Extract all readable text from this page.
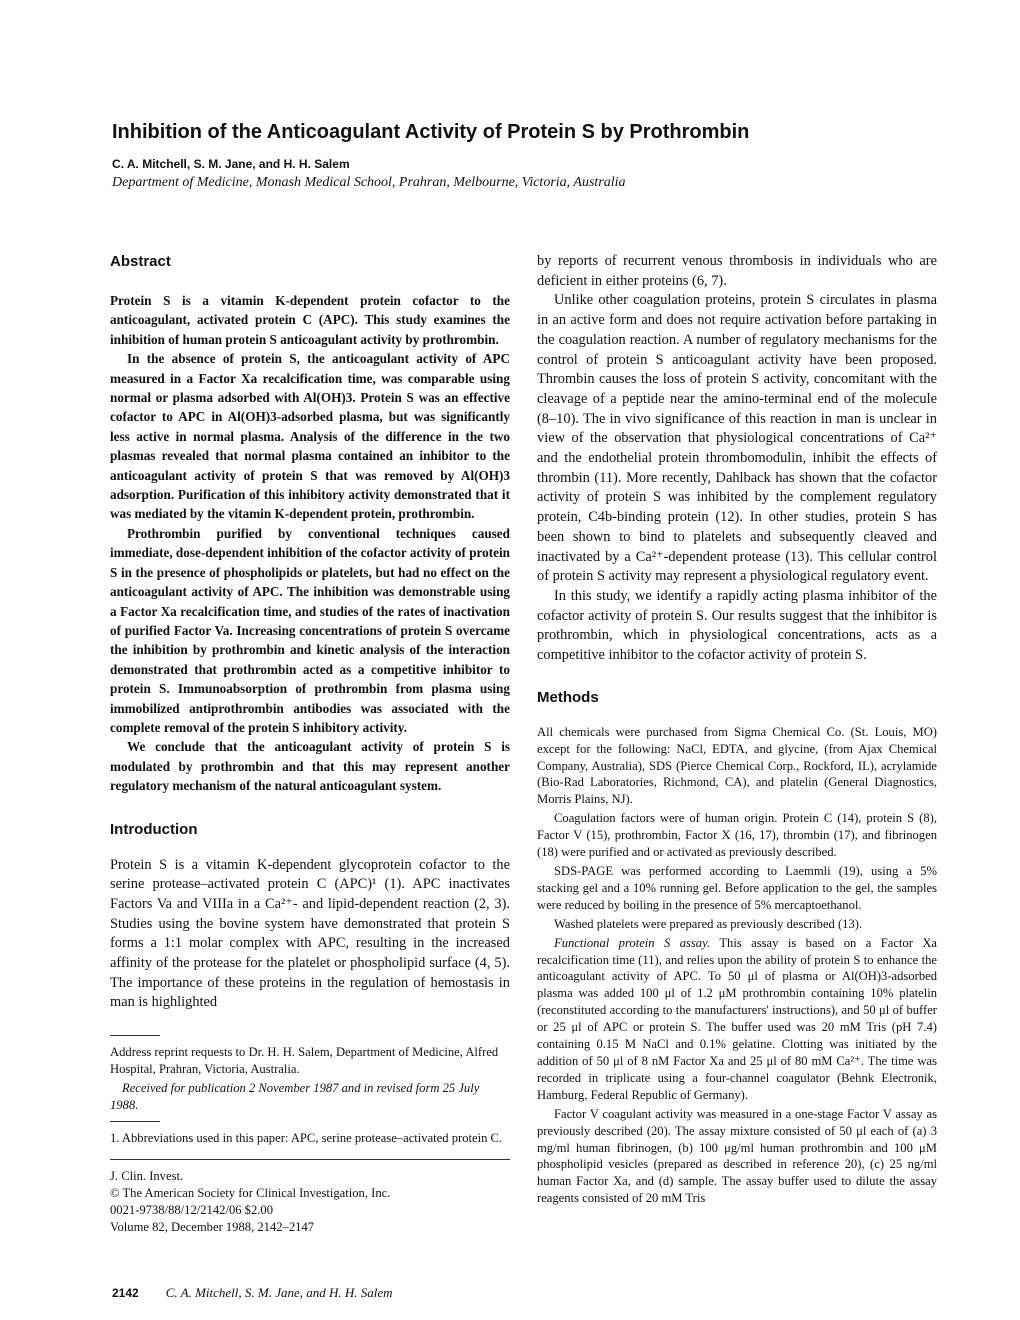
Inhibition of the Anticoagulant Activity of Protein S by Prothrombin
C. A. Mitchell, S. M. Jane, and H. H. Salem
Department of Medicine, Monash Medical School, Prahran, Melbourne, Victoria, Australia
Abstract

Protein S is a vitamin K-dependent protein cofactor to the anticoagulant, activated protein C (APC). This study examines the inhibition of human protein S anticoagulant activity by prothrombin.

In the absence of protein S, the anticoagulant activity of APC measured in a Factor Xa recalcification time, was comparable using normal or plasma adsorbed with Al(OH)3. Protein S was an effective cofactor to APC in Al(OH)3-adsorbed plasma, but was significantly less active in normal plasma. Analysis of the difference in the two plasmas revealed that normal plasma contained an inhibitor to the anticoagulant activity of protein S that was removed by Al(OH)3 adsorption. Purification of this inhibitory activity demonstrated that it was mediated by the vitamin K-dependent protein, prothrombin.

Prothrombin purified by conventional techniques caused immediate, dose-dependent inhibition of the cofactor activity of protein S in the presence of phospholipids or platelets, but had no effect on the anticoagulant activity of APC. The inhibition was demonstrable using a Factor Xa recalcification time, and studies of the rates of inactivation of purified Factor Va. Increasing concentrations of protein S overcame the inhibition by prothrombin and kinetic analysis of the interaction demonstrated that prothrombin acted as a competitive inhibitor to protein S. Immunoabsorption of prothrombin from plasma using immobilized antiprothrombin antibodies was associated with the complete removal of the protein S inhibitory activity.

We conclude that the anticoagulant activity of protein S is modulated by prothrombin and that this may represent another regulatory mechanism of the natural anticoagulant system.

Introduction

Protein S is a vitamin K-dependent glycoprotein cofactor to the serine protease–activated protein C (APC)¹ (1). APC inactivates Factors Va and VIIIa in a Ca²⁺- and lipid-dependent reaction (2, 3). Studies using the bovine system have demonstrated that protein S forms a 1:1 molar complex with APC, resulting in the increased affinity of the protease for the platelet or phospholipid surface (4, 5). The importance of these proteins in the regulation of hemostasis in man is highlighted

Address reprint requests to Dr. H. H. Salem, Department of Medicine, Alfred Hospital, Prahran, Victoria, Australia.

Received for publication 2 November 1987 and in revised form 25 July 1988.

1. Abbreviations used in this paper: APC, serine protease–activated protein C.

J. Clin. Invest.

© The American Society for Clinical Investigation, Inc.

0021-9738/88/12/2142/06 $2.00

Volume 82, December 1988, 2142–2147

by reports of recurrent venous thrombosis in individuals who are deficient in either proteins (6, 7).

Unlike other coagulation proteins, protein S circulates in plasma in an active form and does not require activation before partaking in the coagulation reaction. A number of regulatory mechanisms for the control of protein S anticoagulant activity have been proposed. Thrombin causes the loss of protein S activity, concomitant with the cleavage of a peptide near the amino-terminal end of the molecule (8–10). The in vivo significance of this reaction in man is unclear in view of the observation that physiological concentrations of Ca²⁺ and the endothelial protein thrombomodulin, inhibit the effects of thrombin (11). More recently, Dahlback has shown that the cofactor activity of protein S was inhibited by the complement regulatory protein, C4b-binding protein (12). In other studies, protein S has been shown to bind to platelets and subsequently cleaved and inactivated by a Ca²⁺-dependent protease (13). This cellular control of protein S activity may represent a physiological regulatory event.

In this study, we identify a rapidly acting plasma inhibitor of the cofactor activity of protein S. Our results suggest that the inhibitor is prothrombin, which in physiological concentrations, acts as a competitive inhibitor to the cofactor activity of protein S.

Methods

All chemicals were purchased from Sigma Chemical Co. (St. Louis, MO) except for the following: NaCl, EDTA, and glycine, (from Ajax Chemical Company, Australia), SDS (Pierce Chemical Corp., Rockford, IL), acrylamide (Bio-Rad Laboratories, Richmond, CA), and platelin (General Diagnostics, Morris Plains, NJ).

Coagulation factors were of human origin. Protein C (14), protein S (8), Factor V (15), prothrombin, Factor X (16, 17), thrombin (17), and fibrinogen (18) were purified and or activated as previously described.

SDS-PAGE was performed according to Laemmli (19), using a 5% stacking gel and a 10% running gel. Before application to the gel, the samples were reduced by boiling in the presence of 5% mercaptoethanol.

Washed platelets were prepared as previously described (13).

Functional protein S assay. This assay is based on a Factor Xa recalcification time (11), and relies upon the ability of protein S to enhance the anticoagulant activity of APC. To 50 μl of plasma or Al(OH)3-adsorbed plasma was added 100 μl of 1.2 μM prothrombin containing 10% platelin (reconstituted according to the manufacturers' instructions), and 50 μl of buffer or 25 μl of APC or protein S. The buffer used was 20 mM Tris (pH 7.4) containing 0.15 M NaCl and 0.1% gelatine. Clotting was initiated by the addition of 50 μl of 8 nM Factor Xa and 25 μl of 80 mM Ca²⁺. The time was recorded in triplicate using a four-channel coagulator (Behnk Electronik, Hamburg, Federal Republic of Germany).

Factor V coagulant activity was measured in a one-stage Factor V assay as previously described (20). The assay mixture consisted of 50 μl each of (a) 3 mg/ml human fibrinogen, (b) 100 μg/ml human prothrombin and 100 μM phospholipid vesicles (prepared as described in reference 20), (c) 25 ng/ml human Factor Xa, and (d) sample. The assay buffer used to dilute the assay reagents consisted of 20 mM Tris

2142 C. A. Mitchell, S. M. Jane, and H. H. Salem
